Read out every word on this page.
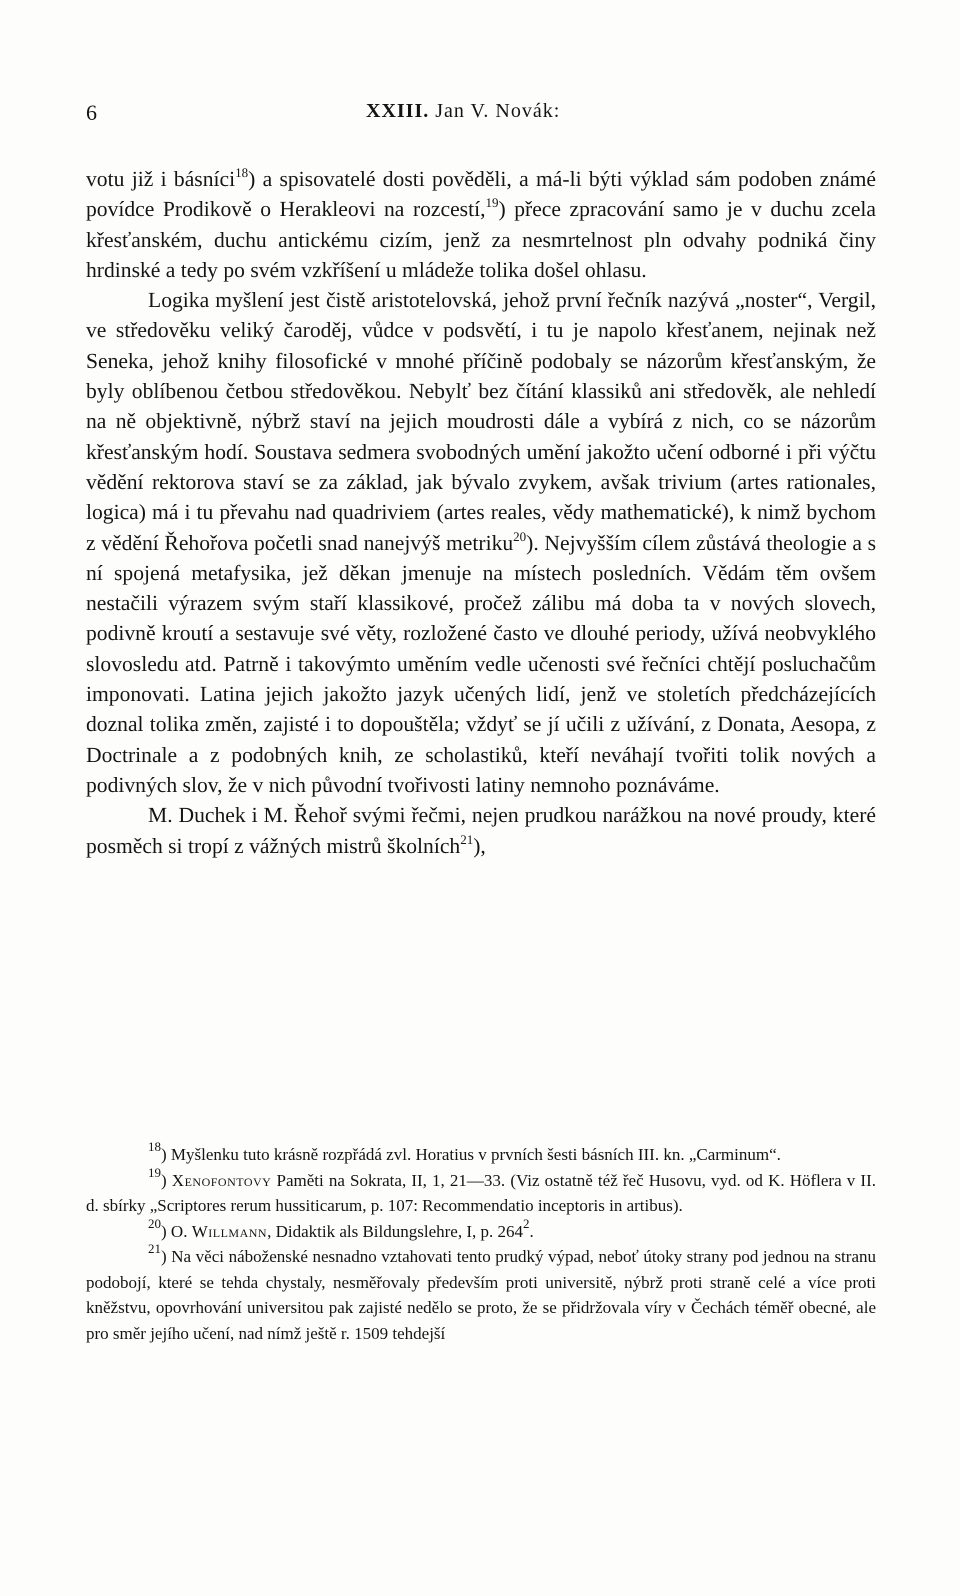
6	XXIII. Jan V. Novák:

votu již i básníci$^{18}$) a spisovatelé dosti pověděli, a má-li býti výklad sám podoben známé povídce Prodikově o Herakleovi na rozcestí,$^{19}$) přece zpracování samo je v duchu zcela křesťanském, duchu antickému cizím, jenž za nesmrtelnost pln odvahy podniká činy hrdinské a tedy po svém vzkříšení u mládeže tolika došel ohlasu.

Logika myšlení jest čistě aristotelovská, jehož první řečník nazývá „noster“, Vergil, ve středověku veliký čaroděj, vůdce v podsvětí, i tu je napolo křesťanem, nejinak než Seneka, jehož knihy filosofické v mnohé příčině podobaly se názorům křesťanským, že byly oblíbenou četbou středověkou. Nebylť bez čítání klassiků ani středověk, ale nehledí na ně objektivně, nýbrž staví na jejich moudrosti dále a vybírá z nich, co se názorům křesťanským hodí. Soustava sedmera svobodných umění jakožto učení odborné i při výčtu vědění rektorova staví se za základ, jak bývalo zvykem, avšak trivium (artes rationales, logica) má i tu převahu nad quadriviem (artes reales, vědy mathematické), k nimž bychom z vědění Řehořova početli snad nanejvýš metriku$^{20}$). Nejvyšším cílem zůstává theologie a s ní spojená metafysika, jež děkan jmenuje na místech posledních. Vědám těm ovšem nestačili výrazem svým staří klassikové, pročež zálibu má doba ta v nových slovech, podivně kroutí a sestavuje své věty, rozložené často ve dlouhé periody, užívá neobvyklého slovosledu atd. Patrně i takovýmto uměním vedle učenosti své řečníci chtějí posluchačům imponovati. Latina jejich jakožto jazyk učených lidí, jenž ve stoletích předcházejících doznal tolika změn, zajisté i to dopouštěla; vždyť se jí učili z užívání, z Donata, Aesopa, z Doctrinale a z podobných knih, ze scholastiků, kteří neváhají tvořiti tolik nových a podivných slov, že v nich původní tvořivosti latiny nemnoho poznáváme.

M. Duchek i M. Řehoř svými řečmi, nejen prudkou narážkou na nové proudy, které posměch si tropí z vážných mistrů školních$^{21}$),

$^{18}$) Myšlenku tuto krásně rozpřádá zvl. Horatius v prvních šesti básních III. kn. „Carminum“.

$^{19}$) Xenofontovy Paměti na Sokrata, II, 1, 21—33. (Viz ostatně též řeč Husovu, vyd. od K. Höflera v II. d. sbírky „Scriptores rerum hussiticarum, p. 107: Recommendatio inceptoris in artibus).

$^{20}$) O. Willmann, Didaktik als Bildungslehre, I, p. $264^2$.

$^{21}$) Na věci náboženské nesnadno vztahovati tento prudký výpad, neboť útoky strany pod jednou na stranu podobojí, které se tehda chystaly, nesměřovaly především proti universitě, nýbrž proti straně celé a více proti kněžstvu, opovrhování universitou pak zajisté nedělo se proto, že se přidržovala víry v Čechách téměř obecné, ale pro směr jejího učení, nad nímž ještě r. 1509 tehdejší
